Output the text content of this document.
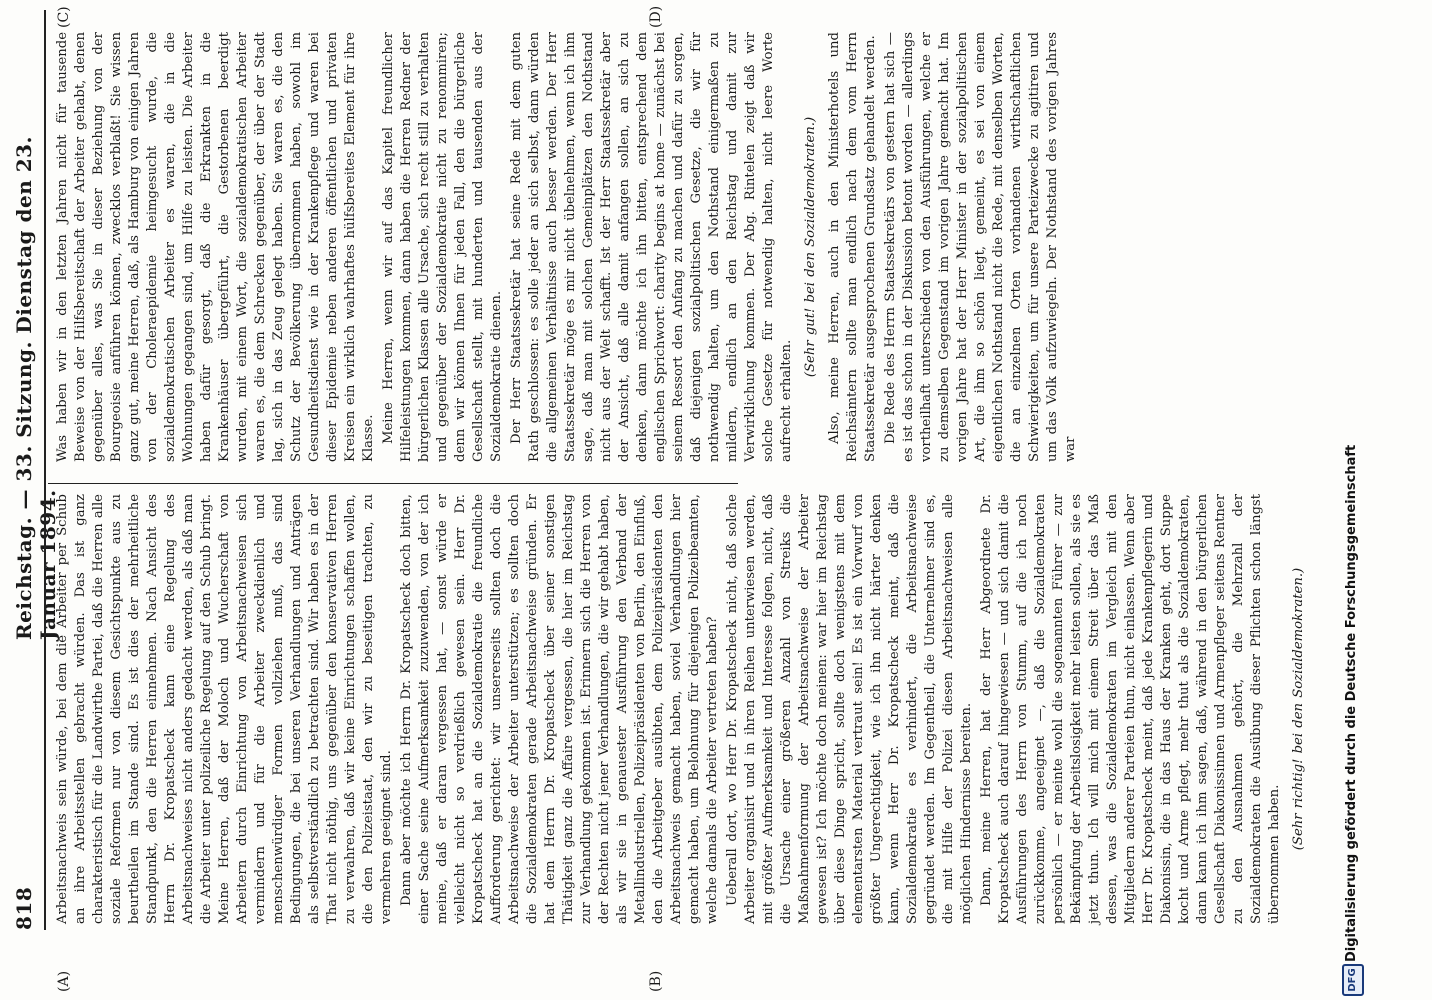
818
Reichstag. — 33. Sitzung. Dienstag den 23. Januar 1894.
(A)	(B)
(C)	(D)

Arbeitsnachweis sein würde, bei dem die Arbeiter per Schub an ihre Arbeitsstellen gebracht würden. Das ist ganz charakteristisch für die Landwirthe Partei, daß die Herren alle soziale Reformen nur von diesem Gesichtspunkte aus zu beurtheilen im Stande sind. Es ist dies der mehrheitliche Standpunkt, den die Herren einnehmen. Nach Ansicht des Herrn Dr. Kropatscheck kann eine Regelung des Arbeitsnachweises nicht anders gedacht werden, als daß man die Arbeiter unter polizeiliche Regelung auf den Schub bringt. Meine Herren, daß der Moloch und Wucherschaft von Arbeitern durch Einrichtung von Arbeitsnachweisen sich vermindern und für die Arbeiter zweckdienlich und menschenwürdiger Formen vollziehen muß, das sind Bedingungen, die bei unseren Verhandlungen und Anträgen als selbstverständlich zu betrachten sind. Wir haben es in der That nicht nöthig, uns gegenüber den konservativen Herren zu verwahren, daß wir keine Einrichtungen schaffen wollen, die den Polizeistaat, den wir zu beseitigen trachten, zu vermehren geeignet sind. Dann aber möchte ich Herrn Dr. Kropatscheck doch bitten, einer Sache seine Aufmerksamkeit zuzuwenden, von der ich meine, daß er daran vergessen hat, — sonst würde er vielleicht nicht so verdrießlich gewesen sein. Herr Dr. Kropatscheck hat an die Sozialdemokratie die freundliche Aufforderung gerichtet: wir unsererseits sollten doch die Arbeitsnachweise der Arbeiter unterstützen; es sollten doch die Sozialdemokraten gerade Arbeitsnachweise gründen. Er hat dem Herrn Dr. Kropatscheck über seiner sonstigen Thätigkeit ganz die Affaire vergessen, die hier im Reichstag zur Verhandlung gekommen ist. Erinnern sich die Herren von der Rechten nicht jener Verhandlungen, die wir gehabt haben, als wir sie in genauester Ausführung den Verband der Metallindustriellen, Polizeipräsidenten von Berlin, den Einfluß, den die Arbeitgeber ausübten, dem Polizeipräsidenten den Arbeitsnachweis gemacht haben, soviel Verhandlungen hier gemacht haben, um Belohnung für diejenigen Polizeibeamten, welche damals die Arbeiter vertreten haben? Ueberall dort, wo Herr Dr. Kropatscheck nicht, daß solche Arbeiter organisirt und in ihren Reihen unterwiesen werden, mit größter Aufmerksamkeit und Interesse folgen, nicht, daß die Ursache einer größeren Anzahl von Streiks die Maßnahmenformung der Arbeitsnachweise der Arbeiter gewesen ist? Ich möchte doch meinen: war hier im Reichstag über diese Dinge spricht, sollte doch wenigstens mit dem elementarsten Material vertraut sein! Es ist ein Vorwurf von größter Ungerechtigkeit, wie ich ihn nicht härter denken kann, wenn Herr Dr. Kropatscheck meint, daß die Sozialdemokratie es verhindert, die Arbeitsnachweise gegründet werden. Im Gegentheil, die Unternehmer sind es, die mit Hilfe der Polizei diesen Arbeitsnachweisen alle möglichen Hindernisse bereiten. Dann, meine Herren, hat der Herr Abgeordnete Dr. Kropatscheck auch darauf hingewiesen — und sich damit die Ausführungen des Herrn von Stumm, auf die ich noch zurückkomme, angeeignet —, daß die Sozialdemokraten persönlich — er meinte wohl die sogenannten Führer — zur Bekämpfung der Arbeitslosigkeit mehr leisten sollen, als sie es jetzt thun. Ich will mich mit einem Streit über das Maß dessen, was die Sozialdemokraten im Vergleich mit den Mitgliedern anderer Parteien thun, nicht einlassen. Wenn aber Herr Dr. Kropatscheck meint, daß jede Krankenpflegerin und Diakonissin, die in das Haus der Kranken geht, dort Suppe kocht und Arme pflegt, mehr thut als die Sozialdemokraten, dann kann ich ihm sagen, daß, während in den bürgerlichen Gesellschaft Diakonissinnen und Armenpfleger seitens Rentner zu den Ausnahmen gehört, die Mehrzahl der Sozialdemokraten die Ausübung dieser Pflichten schon längst übernommen haben.

(Sehr richtig! bei den Sozialdemokraten.)

Was haben wir in den letzten Jahren nicht für tausende Beweise von der Hilfsbereitschaft der Arbeiter gehabt, denen gegenüber alles, was Sie in dieser Beziehung von der Bourgeoisie anführen können, zwecklos verblaßt! Sie wissen ganz gut, meine Herren, daß, als Hamburg von einigen Jahren von der Choleraepidemie heimgesucht wurde, die sozialdemokratischen Arbeiter es waren, die in die Wohnungen gegangen sind, um Hilfe zu leisten. Die Arbeiter haben dafür gesorgt, daß die Erkrankten in die Krankenhäuser übergeführt, die Gestorbenen beerdigt wurden, mit einem Wort, die sozialdemokratischen Arbeiter waren es, die dem Schrecken gegenüber, der über der Stadt lag, sich in das Zeug gelegt haben. Sie waren es, die den Schutz der Bevölkerung übernommen haben, sowohl im Gesundheitsdienst wie in der Krankenpflege und waren bei dieser Epidemie neben anderen öffentlichen und privaten Kreisen ein wirklich wahrhaftes hülfsbereites Element für ihre Klasse. Meine Herren, wenn wir auf das Kapitel freundlicher Hilfeleistungen kommen, dann haben die Herren Redner der bürgerlichen Klassen alle Ursache, sich recht still zu verhalten und gegenüber der Sozialdemokratie nicht zu renommiren; denn wir können Ihnen für jeden Fall, den die bürgerliche Gesellschaft stellt, mit hunderten und tausenden aus der Sozialdemokratie dienen. Der Herr Staatssekretär hat seine Rede mit dem guten Rath geschlossen: es solle jeder an sich selbst, dann würden die allgemeinen Verhältnisse auch besser werden. Der Herr Staatssekretär möge es mir nicht übelnehmen, wenn ich ihm sage, daß man mit solchen Gemeinplätzen den Nothstand nicht aus der Welt schafft. Ist der Herr Staatssekretär aber der Ansicht, daß alle damit anfangen sollen, an sich zu denken, dann möchte ich ihn bitten, entsprechend dem englischen Sprichwort: charity begins at home — zunächst bei seinem Ressort den Anfang zu machen und dafür zu sorgen, daß diejenigen sozialpolitischen Gesetze, die wir für nothwendig halten, um den Nothstand einigermaßen zu mildern, endlich an den Reichstag und damit zur Verwirklichung kommen. Der Abg. Rintelen zeigt daß wir solche Gesetze für notwendig halten, nicht leere Worte aufrecht erhalten.

(Sehr gut! bei den Sozialdemokraten.) Also, meine Herren, auch in den Ministerhotels und Reichsämtern sollte man endlich nach dem vom Herrn Staatssekretär ausgesprochenen Grundsatz gehandelt werden. Die Rede des Herrn Staatssekretärs von gestern hat sich — es ist das schon in der Diskussion betont worden — allerdings vortheilhaft unterschieden von den Ausführungen, welche er zu demselben Gegenstand im vorigen Jahre gemacht hat. Im vorigen Jahre hat der Herr Minister in der sozialpolitischen Art, die ihm so schön liegt, gemeint, es sei von einem eigentlichen Nothstand nicht die Rede, mit denselben Worten, die an einzelnen Orten vorhandenen wirthschaftlichen Schwierigkeiten, um für unsere Parteizwecke zu agitiren und um das Volk aufzuwiegeln. Der Nothstand des vorigen Jahres war

DFG
Digitalisierung gefördert durch die Deutsche Forschungsgemeinschaft
